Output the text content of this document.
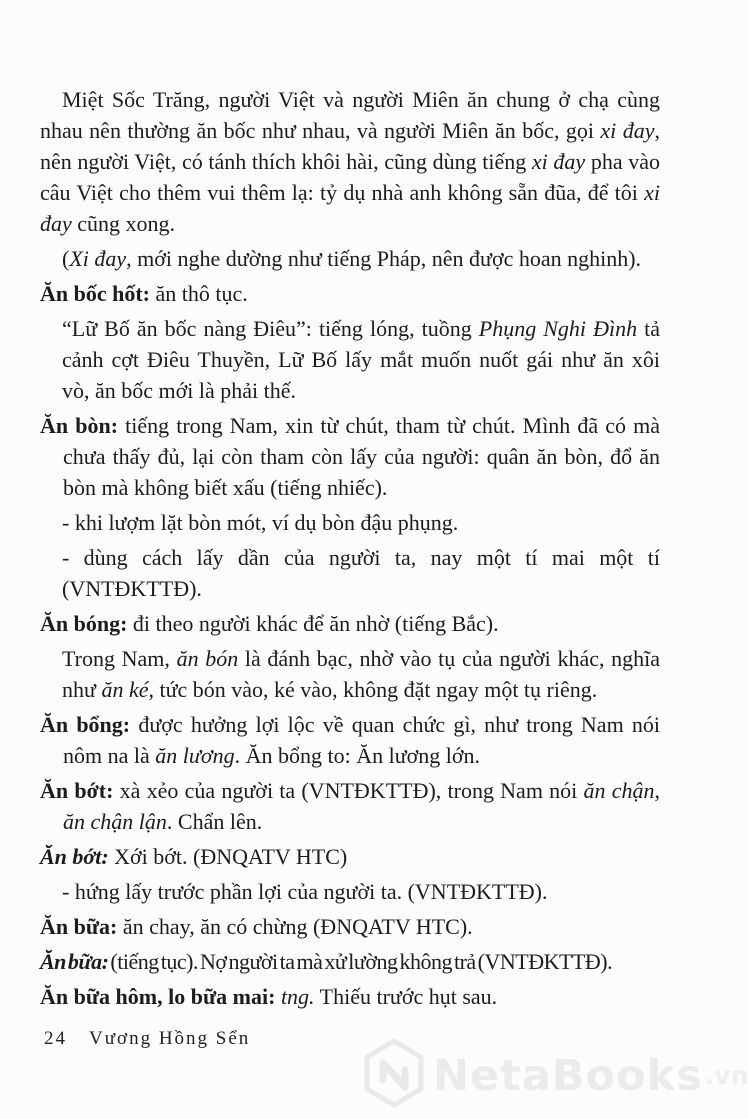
Miệt Sốc Trăng, người Việt và người Miên ăn chung ở chạ cùng nhau nên thường ăn bốc như nhau, và người Miên ăn bốc, gọi xi đay, nên người Việt, có tánh thích khôi hài, cũng dùng tiếng xi đay pha vào câu Việt cho thêm vui thêm lạ: tỷ dụ nhà anh không sẵn đũa, để tôi xi đay cũng xong.

(Xi đay, mới nghe dường như tiếng Pháp, nên được hoan nghinh).

Ăn bốc hốt: ăn thô tục.

“Lữ Bố ăn bốc nàng Điêu”: tiếng lóng, tuồng Phụng Nghi Đình tả cảnh cợt Điêu Thuyền, Lữ Bố lấy mắt muốn nuốt gái như ăn xôi vò, ăn bốc mới là phải thế.

Ăn bòn: tiếng trong Nam, xin từ chút, tham từ chút. Mình đã có mà chưa thấy đủ, lại còn tham còn lấy của người: quân ăn bòn, đổ ăn bòn mà không biết xấu (tiếng nhiếc).

- khi lượm lặt bòn mót, ví dụ bòn đậu phụng.

- dùng cách lấy dần của người ta, nay một tí mai một tí (VNTĐKTTĐ).

Ăn bóng: đi theo người khác để ăn nhờ (tiếng Bắc).

Trong Nam, ăn bón là đánh bạc, nhờ vào tụ của người khác, nghĩa như ăn ké, tức bón vào, ké vào, không đặt ngay một tụ riêng.

Ăn bổng: được hưởng lợi lộc về quan chức gì, như trong Nam nói nôm na là ăn lương. Ăn bổng to: Ăn lương lớn.

Ăn bớt: xà xẻo của người ta (VNTĐKTTĐ), trong Nam nói ăn chận, ăn chận lận. Chẩn lên.

Ăn bớt: Xới bớt. (ĐNQATV HTC)

- hứng lấy trước phần lợi của người ta. (VNTĐKTTĐ).

Ăn bữa: ăn chay, ăn có chừng (ĐNQATV HTC).

Ăn bữa: (tiếng tục). Nợ người ta mà xử lường không trả (VNTĐKTTĐ).

Ăn bữa hôm, lo bữa mai: tng. Thiếu trước hụt sau.

24 Vương Hồng Sển
NetaBooks .vn
